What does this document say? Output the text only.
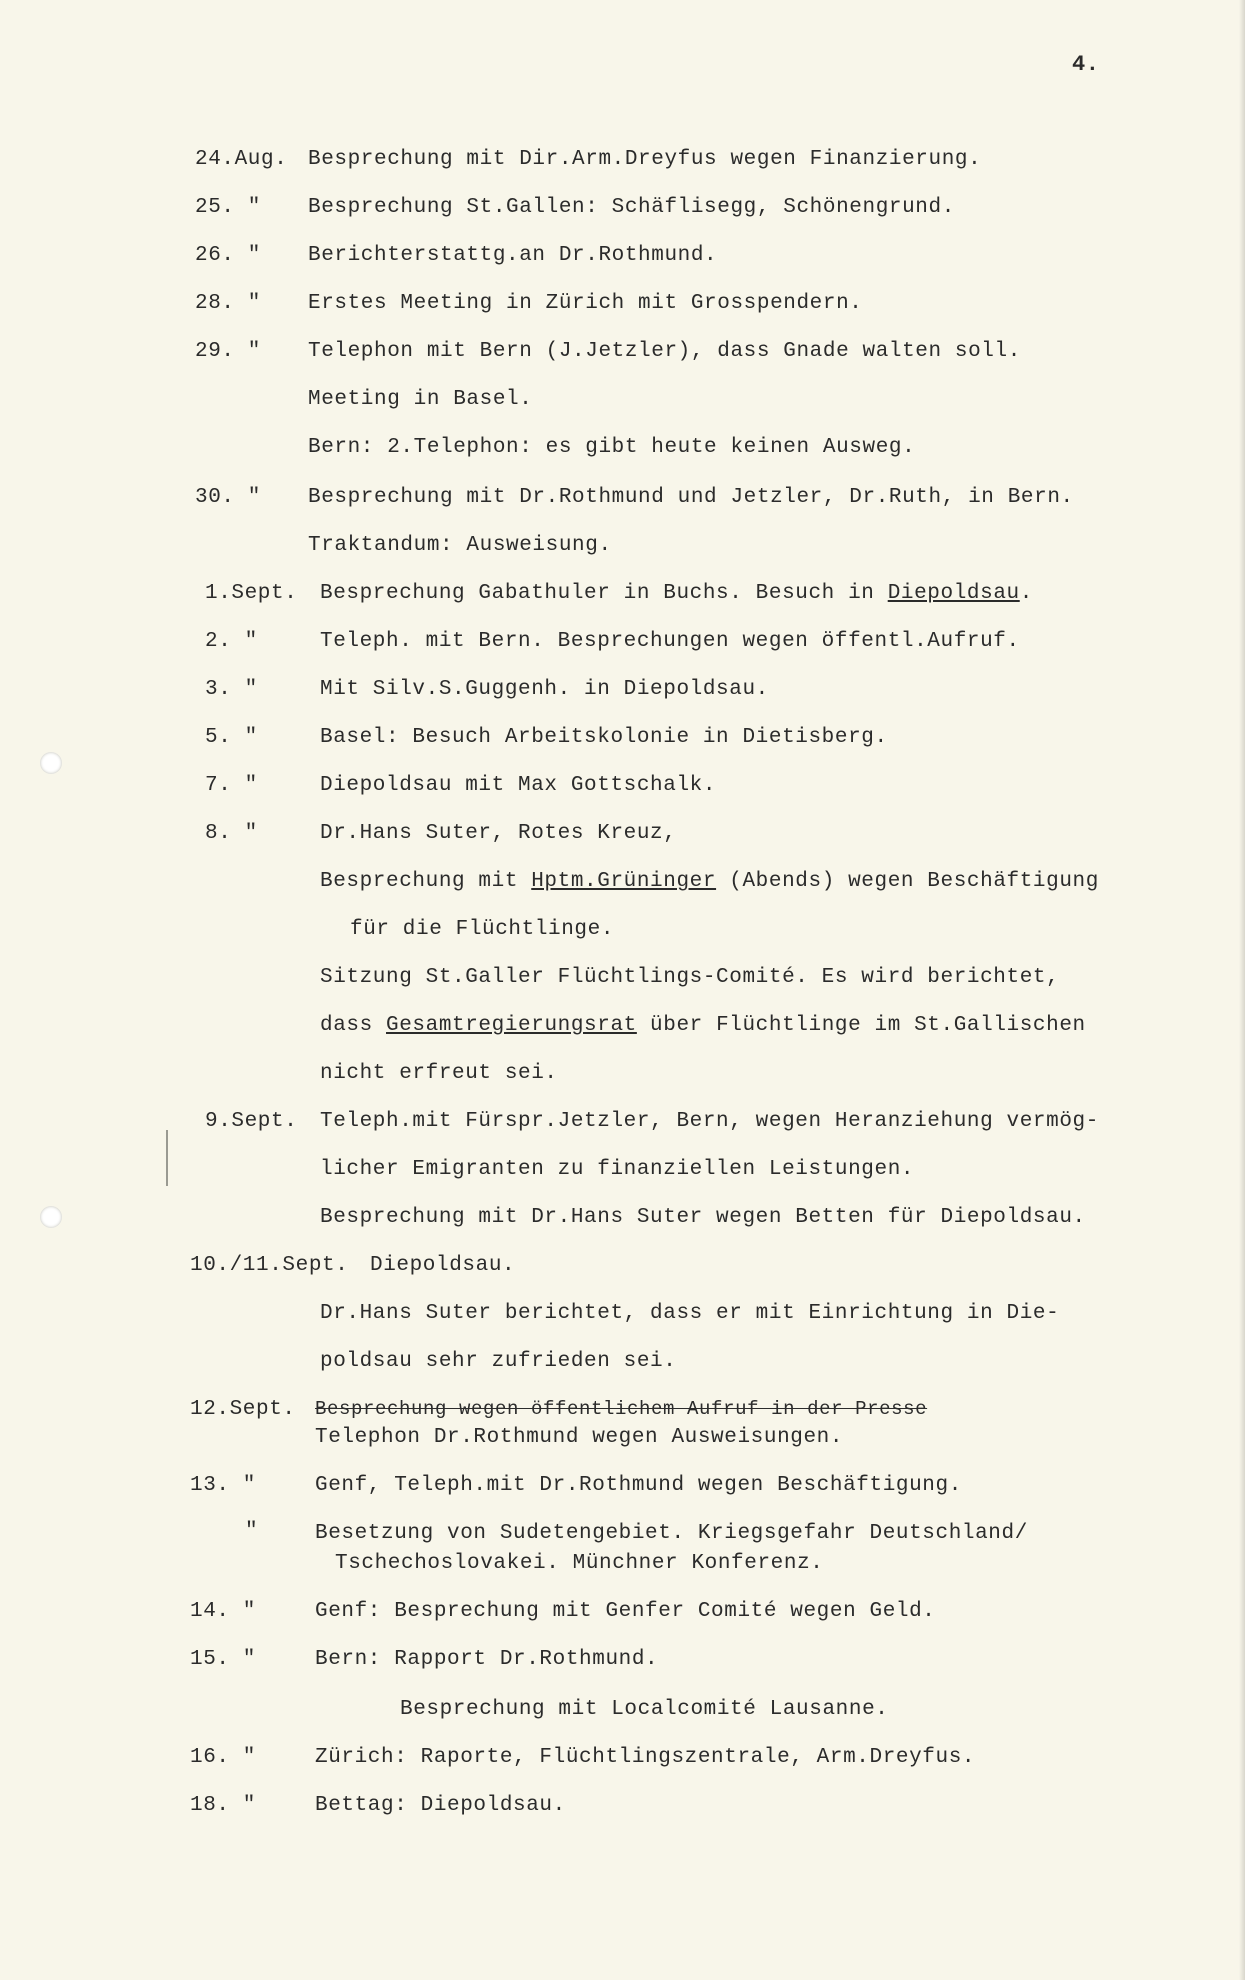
4.
24.Aug. Besprechung mit Dir.Arm.Dreyfus wegen Finanzierung.
25. " Besprechung St.Gallen: Schäflisegg, Schönengrund.
26. " Berichterstattg.an Dr.Rothmund.
28. " Erstes Meeting in Zürich mit Grosspendern.
29. " Telephon mit Bern (J.Jetzler), dass Gnade walten soll.
Meeting in Basel.
Bern: 2.Telephon: es gibt heute keinen Ausweg.
30. " Besprechung mit Dr.Rothmund und Jetzler, Dr.Ruth, in Bern.
Traktandum: Ausweisung.
1.Sept. Besprechung Gabathuler in Buchs. Besuch in Diepoldsau.
2. "	Teleph. mit Bern. Besprechungen wegen öffentl.Aufruf.
3. "	Mit Silv.S.Guggenh. in Diepoldsau.
5. "	Basel: Besuch Arbeitskolonie in Dietisberg.
7. "	Diepoldsau mit Max Gottschalk.
8. "	Dr.Hans Suter, Rotes Kreuz,
Besprechung mit Hptm.Grüninger (Abends) wegen Beschäftigung
für die Flüchtlinge.
Sitzung St.Galler Flüchtlings-Comité. Es wird berichtet,
dass Gesamtregierungsrat über Flüchtlinge im St.Gallischen
nicht erfreut sei.
9.Sept. Teleph.mit Fürspr.Jetzler, Bern, wegen Heranziehung vermög-
licher Emigranten zu finanziellen Leistungen.
Besprechung mit Dr.Hans Suter wegen Betten für Diepoldsau.
10./11.Sept. Diepoldsau.
Dr.Hans Suter berichtet, dass er mit Einrichtung in Die-
poldsau sehr zufrieden sei.
12.Sept. Besprechung wegen öffentlichem Aufruf in der Presse
Telephon Dr.Rothmund wegen Ausweisungen.
13. "	Genf, Teleph.mit Dr.Rothmund wegen Beschäftigung.
"	Besetzung von Sudetengebiet. Kriegsgefahr Deutschland/
Tschechoslovakei. Münchner Konferenz.
14. "	Genf: Besprechung mit Genfer Comité wegen Geld.
15. "	Bern: Rapport Dr.Rothmund.
Besprechung mit Localcomité Lausanne.
16. "	Zürich: Raporte, Flüchtlingszentrale, Arm.Dreyfus.
18. "	Bettag: Diepoldsau.
